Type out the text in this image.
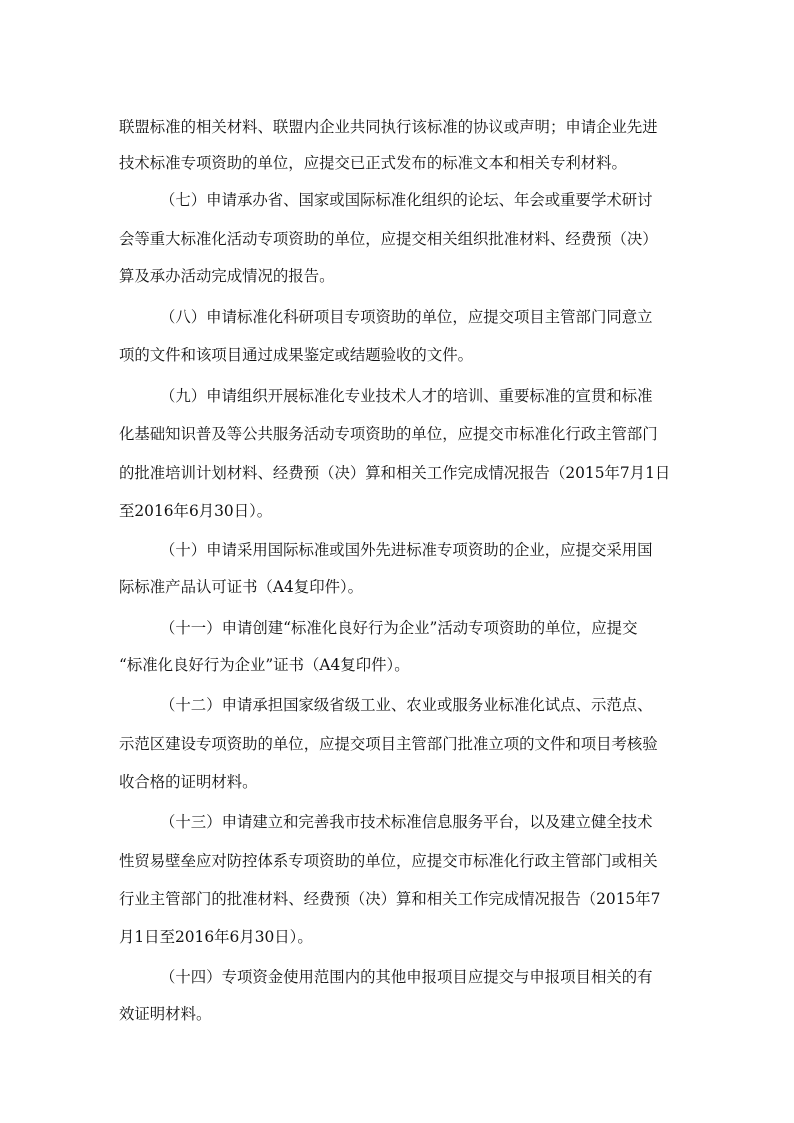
联盟标准的相关材料、联盟内企业共同执行该标准的协议或声明；申请企业先进
技术标准专项资助的单位，应提交已正式发布的标准文本和相关专利材料。
（七）申请承办省、国家或国际标准化组织的论坛、年会或重要学术研讨
会等重大标准化活动专项资助的单位，应提交相关组织批准材料、经费预（决）
算及承办活动完成情况的报告。
（八）申请标准化科研项目专项资助的单位，应提交项目主管部门同意立
项的文件和该项目通过成果鉴定或结题验收的文件。
（九）申请组织开展标准化专业技术人才的培训、重要标准的宣贯和标准
化基础知识普及等公共服务活动专项资助的单位，应提交市标准化行政主管部门
的批准培训计划材料、经费预（决）算和相关工作完成情况报告（2015年7月1日
至2016年6月30日）。
（十）申请采用国际标准或国外先进标准专项资助的企业，应提交采用国
际标准产品认可证书（A4复印件）。
（十一）申请创建“标准化良好行为企业”活动专项资助的单位，应提交
“标准化良好行为企业”证书（A4复印件）。
（十二）申请承担国家级省级工业、农业或服务业标准化试点、示范点、
示范区建设专项资助的单位，应提交项目主管部门批准立项的文件和项目考核验
收合格的证明材料。
（十三）申请建立和完善我市技术标准信息服务平台，以及建立健全技术
性贸易壁垒应对防控体系专项资助的单位，应提交市标准化行政主管部门或相关
行业主管部门的批准材料、经费预（决）算和相关工作完成情况报告（2015年7
月1日至2016年6月30日）。
（十四）专项资金使用范围内的其他申报项目应提交与申报项目相关的有
效证明材料。
